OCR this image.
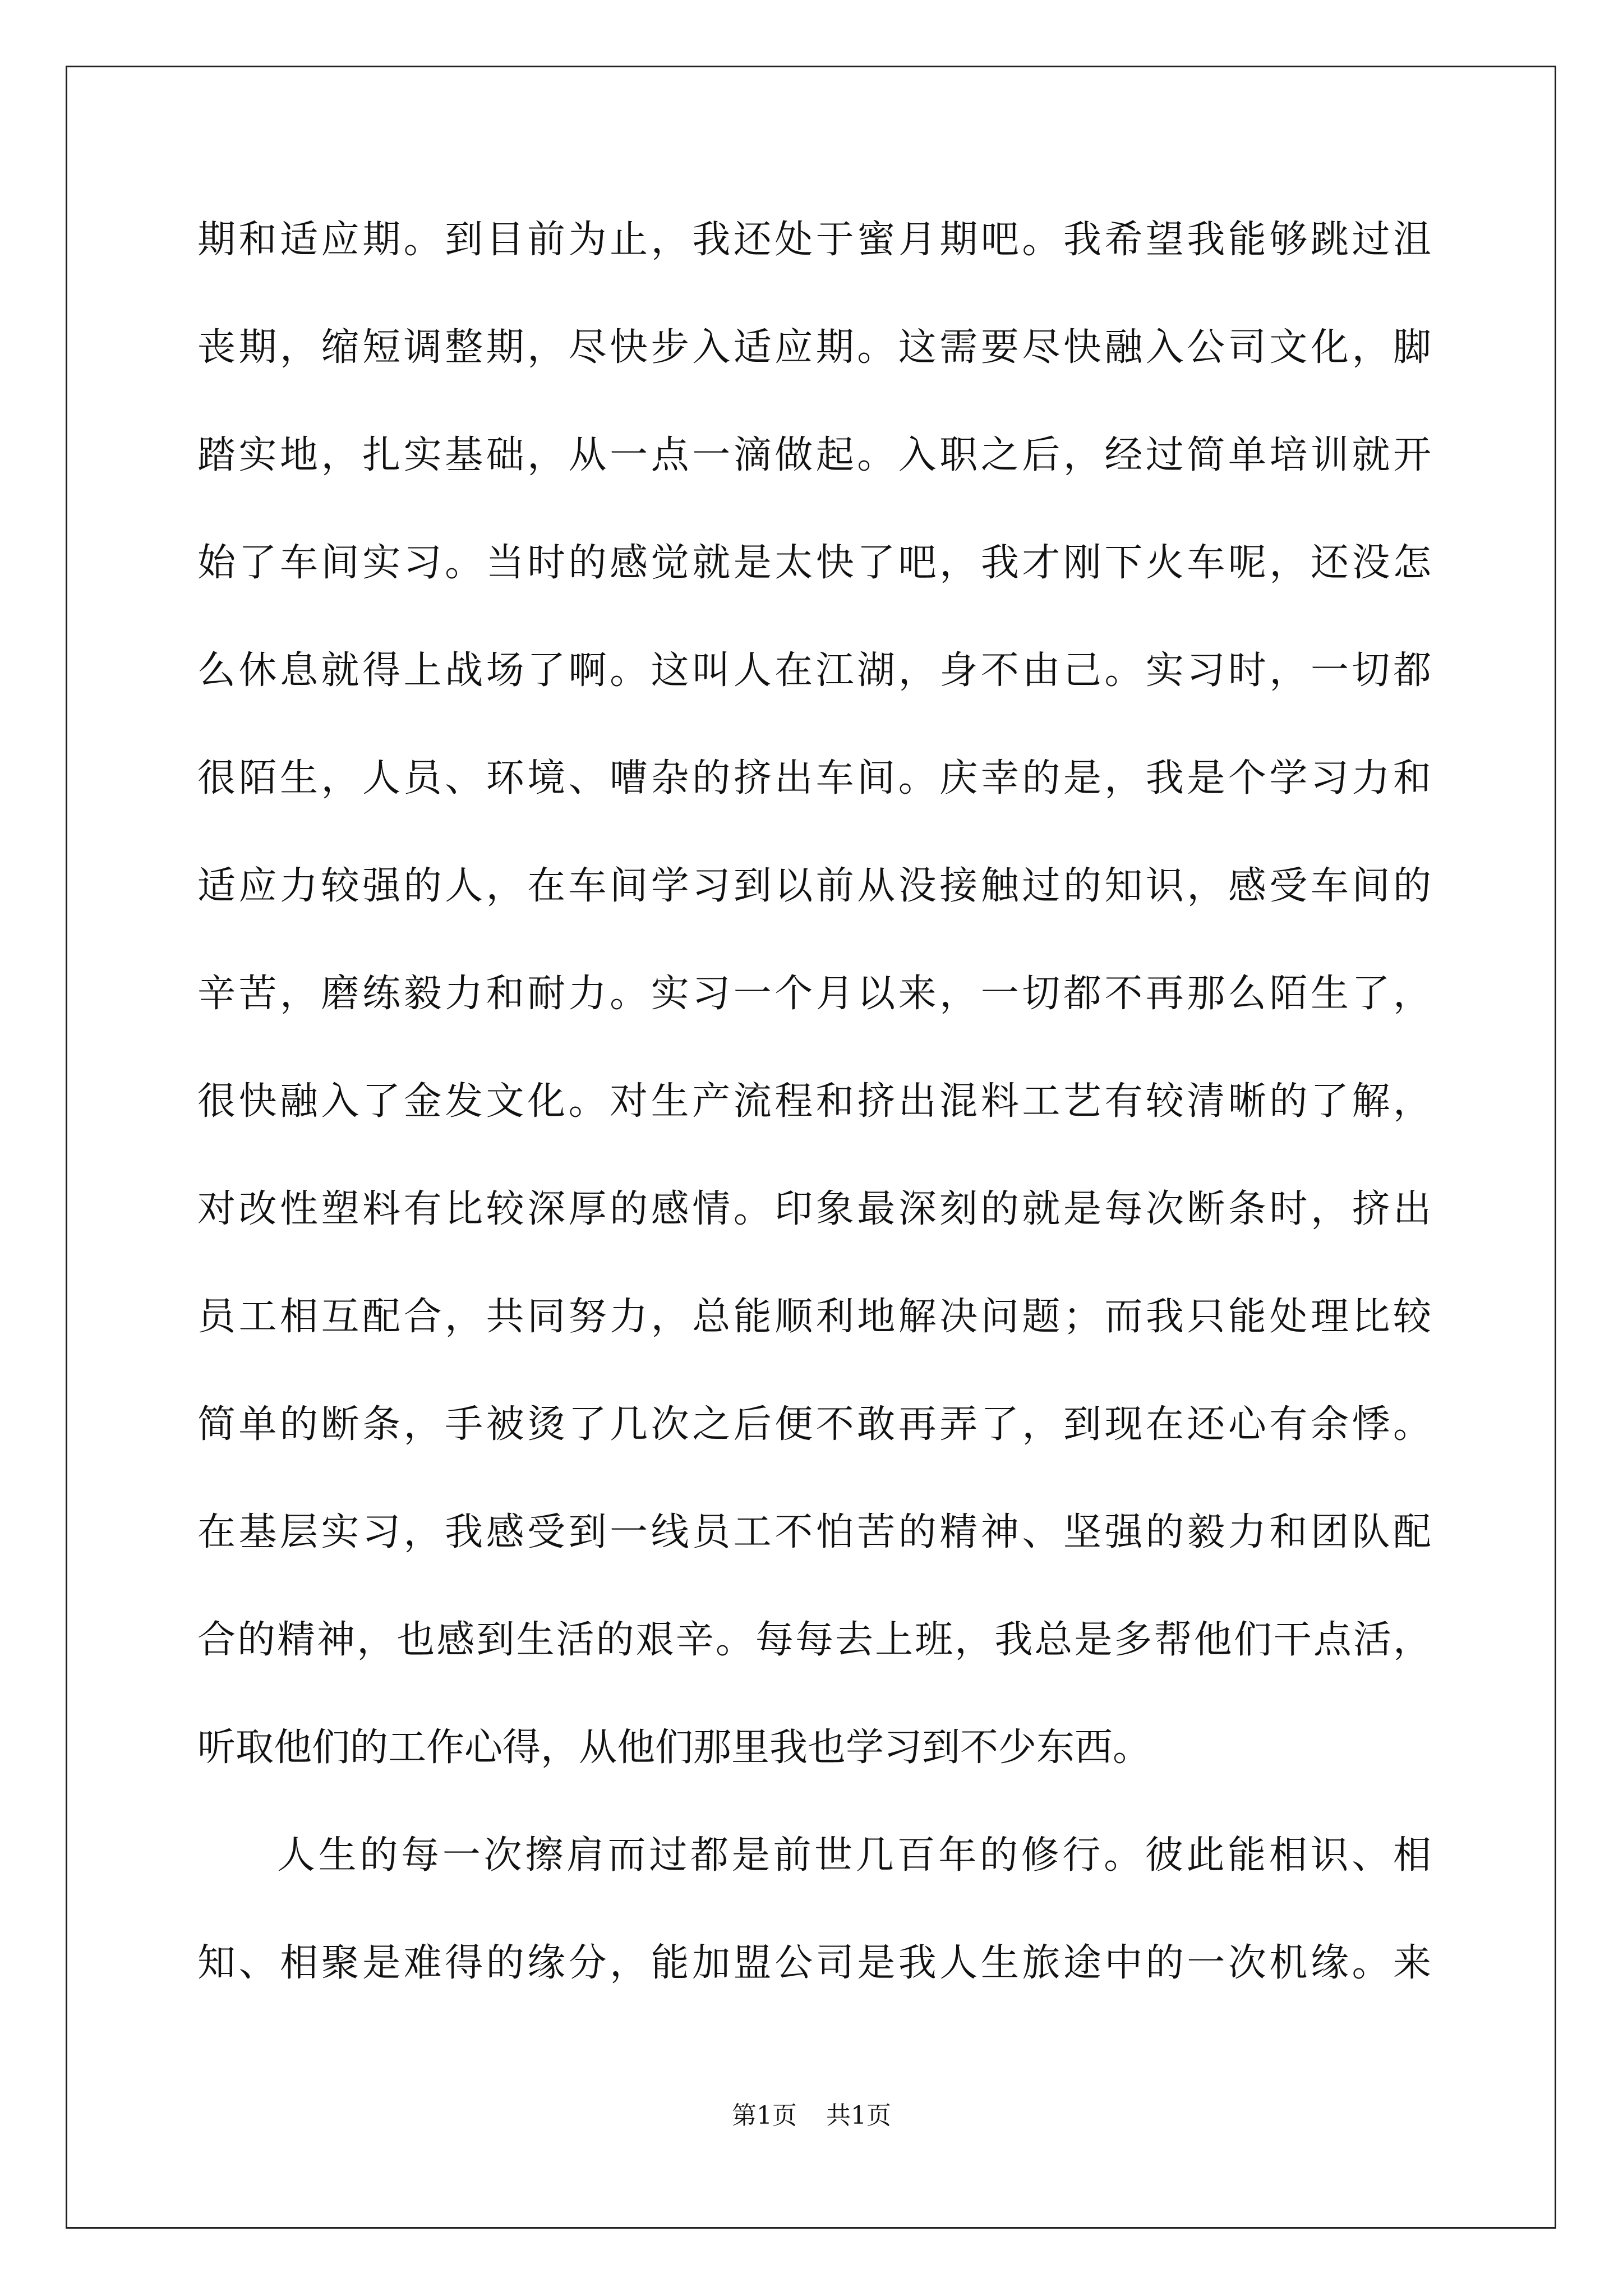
期和适应期。到目前为止，我还处于蜜月期吧。我希望我能够跳过沮
丧期，缩短调整期，尽快步入适应期。这需要尽快融入公司文化，脚
踏实地，扎实基础，从一点一滴做起。入职之后，经过简单培训就开
始了车间实习。当时的感觉就是太快了吧，我才刚下火车呢，还没怎
么休息就得上战场了啊。这叫人在江湖，身不由己。实习时，一切都
很陌生，人员、环境、嘈杂的挤出车间。庆幸的是，我是个学习力和
适应力较强的人，在车间学习到以前从没接触过的知识，感受车间的
辛苦，磨练毅力和耐力。实习一个月以来，一切都不再那么陌生了，
很快融入了金发文化。对生产流程和挤出混料工艺有较清晰的了解，
对改性塑料有比较深厚的感情。印象最深刻的就是每次断条时，挤出
员工相互配合，共同努力，总能顺利地解决问题；而我只能处理比较
简单的断条，手被烫了几次之后便不敢再弄了，到现在还心有余悸。
在基层实习，我感受到一线员工不怕苦的精神、坚强的毅力和团队配
合的精神，也感到生活的艰辛。每每去上班，我总是多帮他们干点活，
听取他们的工作心得，从他们那里我也学习到不少东西。
人生的每一次擦肩而过都是前世几百年的修行。彼此能相识、相
知、相聚是难得的缘分，能加盟公司是我人生旅途中的一次机缘。来
第1页 共1页
